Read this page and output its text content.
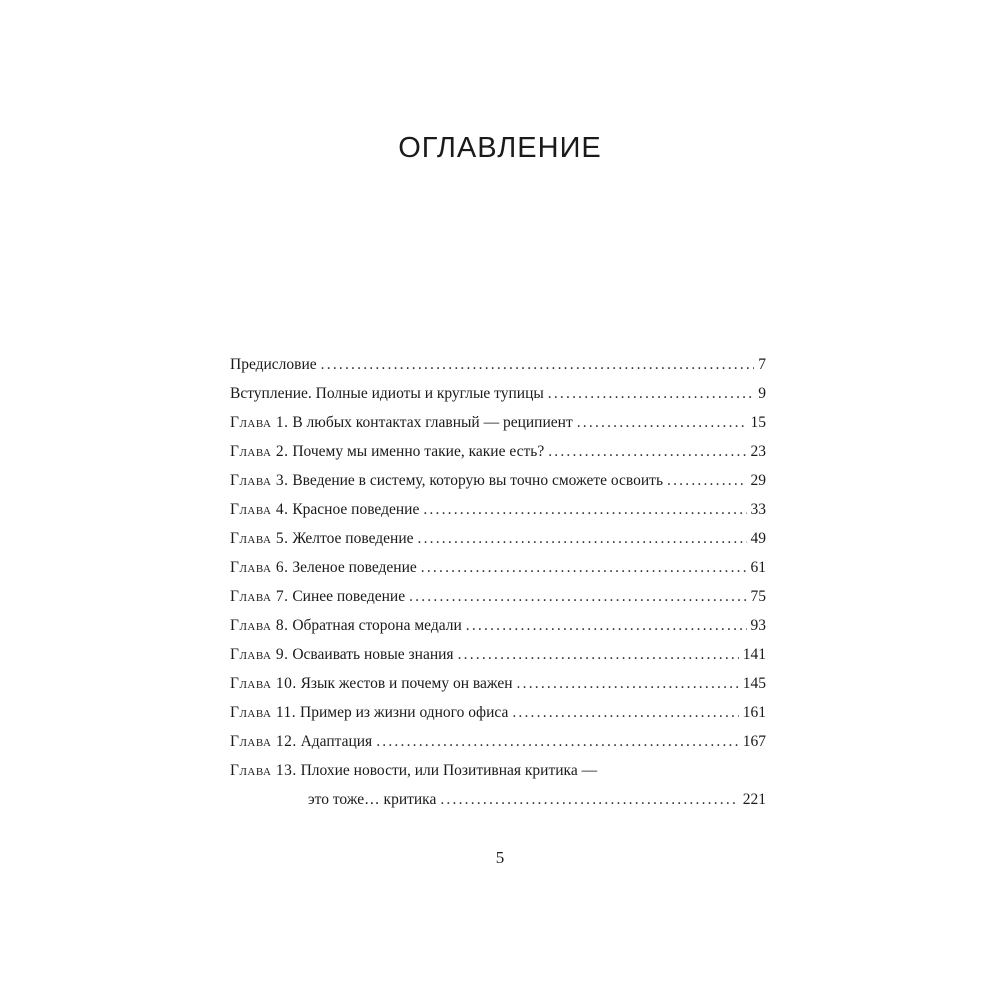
ОГЛАВЛЕНИЕ
Предисловие .....	7
Вступление. Полные идиоты и круглые тупицы .....	9
Глава 1. В любых контактах главный — реципиент .....	15
Глава 2. Почему мы именно такие, какие есть? .....	23
Глава 3. Введение в систему, которую вы точно сможете освоить .....	29
Глава 4. Красное поведение .....	33
Глава 5. Желтое поведение .....	49
Глава 6. Зеленое поведение .....	61
Глава 7. Синее поведение .....	75
Глава 8. Обратная сторона медали .....	93
Глава 9. Осваивать новые знания .....	141
Глава 10. Язык жестов и почему он важен .....	145
Глава 11. Пример из жизни одного офиса .....	161
Глава 12. Адаптация .....	167
Глава 13. Плохие новости, или Позитивная критика —
это тоже… критика .....	221
5
